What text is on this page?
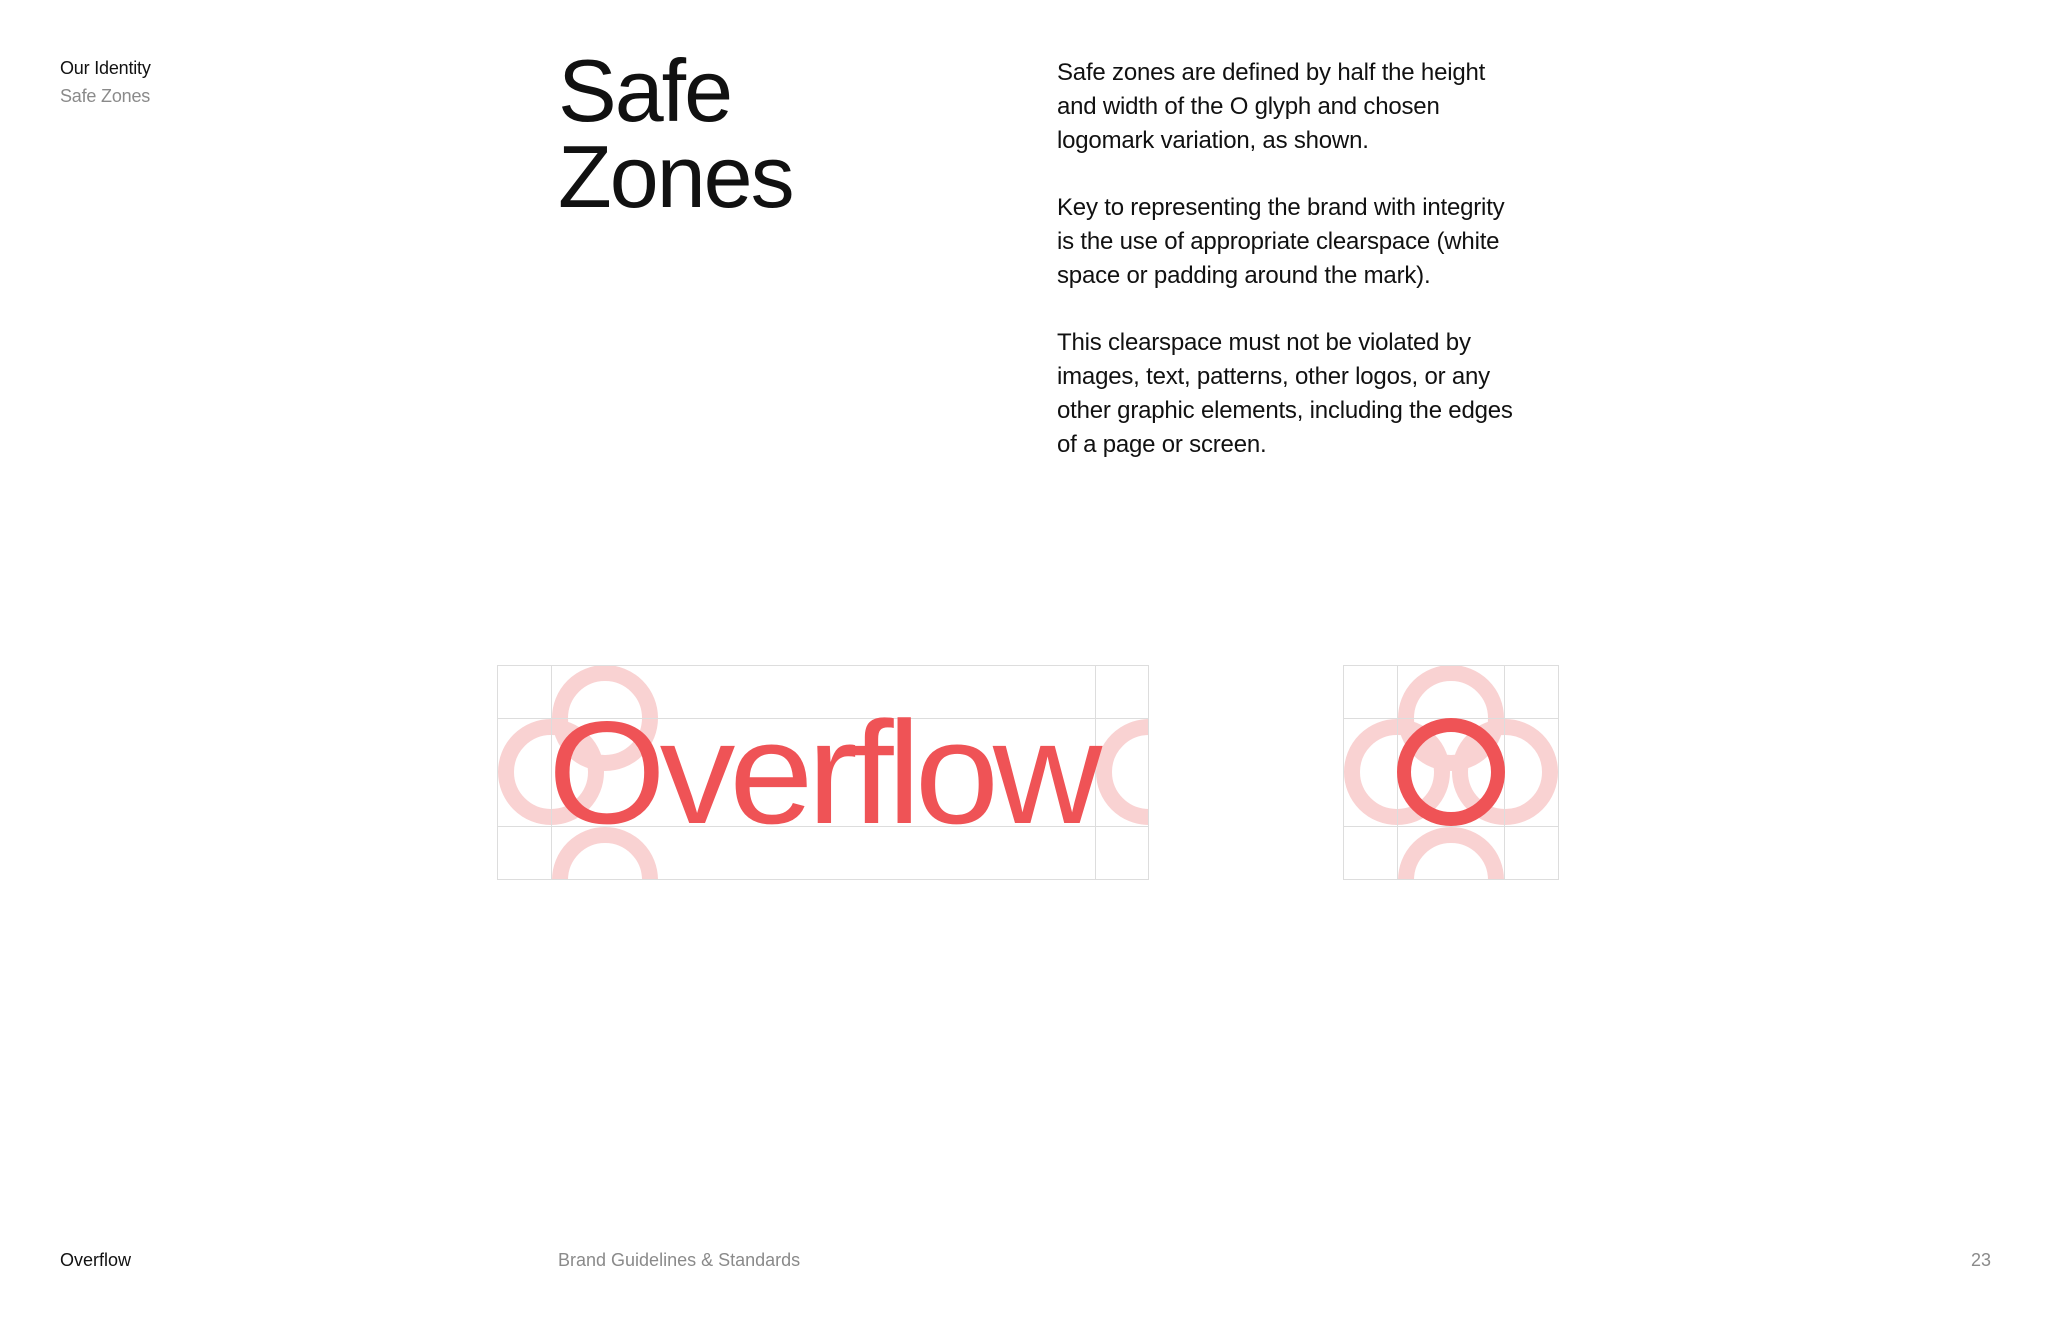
Our Identity
Safe Zones	Safe
Zones

Safe zones are defined by half the height and width of the O glyph and chosen logomark variation, as shown.

Key to representing the brand with integrity is the use of appropriate clearspace (white space or padding around the mark).

This clearspace must not be violated by images, text, patterns, other logos, or any other graphic elements, including the edges of a page or screen.

Overflow
Overflow	Brand Guidelines & Standards	23
